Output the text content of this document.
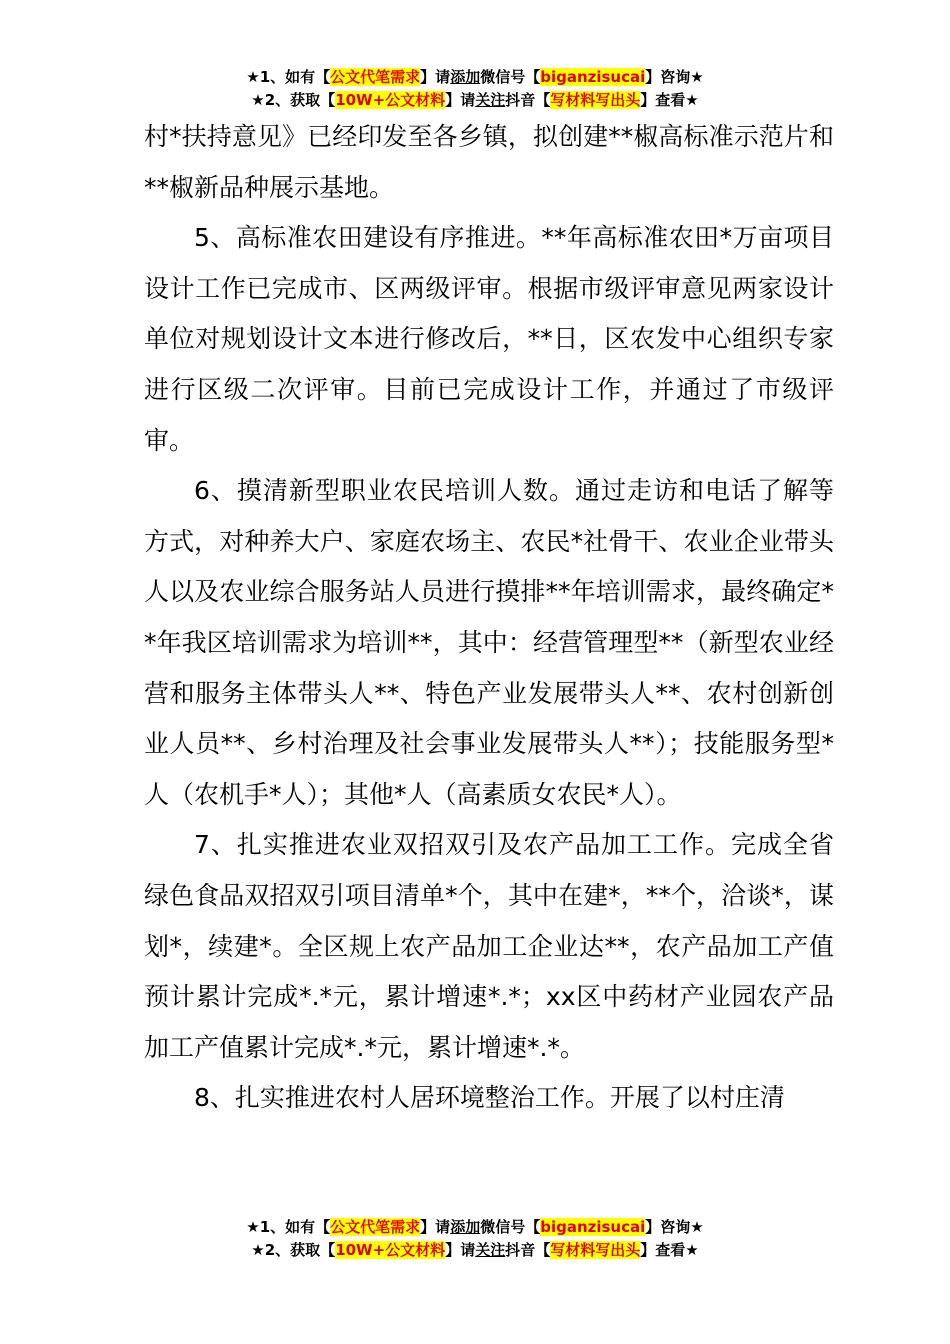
★1、如有【公文代笔需求】请添加微信号【biganzisucai】咨询★
★2、获取【10W+公文材料】请关注抖音【写材料写出头】查看★

村*扶持意见》已经印发至各乡镇，拟创建**椒高标准示范片和**椒新品种展示基地。

5、高标准农田建设有序推进。**年高标准农田*万亩项目设计工作已完成市、区两级评审。根据市级评审意见两家设计单位对规划设计文本进行修改后，**日，区农发中心组织专家进行区级二次评审。目前已完成设计工作，并通过了市级评审。

6、摸清新型职业农民培训人数。通过走访和电话了解等方式，对种养大户、家庭农场主、农民*社骨干、农业企业带头人以及农业综合服务站人员进行摸排**年培训需求，最终确定**年我区培训需求为培训**，其中：经营管理型**（新型农业经营和服务主体带头人**、特色产业发展带头人**、农村创新创业人员**、乡村治理及社会事业发展带头人**）；技能服务型*人（农机手*人）；其他*人（高素质女农民*人）。

7、扎实推进农业双招双引及农产品加工工作。完成全省绿色食品双招双引项目清单*个，其中在建*，**个，洽谈*，谋划*，续建*。全区规上农产品加工企业达**，农产品加工产值预计累计完成*.*元，累计增速*.*；xx区中药材产业园农产品加工产值累计完成*.*元，累计增速*.*。

8、扎实推进农村人居环境整治工作。开展了以村庄清

★1、如有【公文代笔需求】请添加微信号【biganzisucai】咨询★
★2、获取【10W+公文材料】请关注抖音【写材料写出头】查看★
